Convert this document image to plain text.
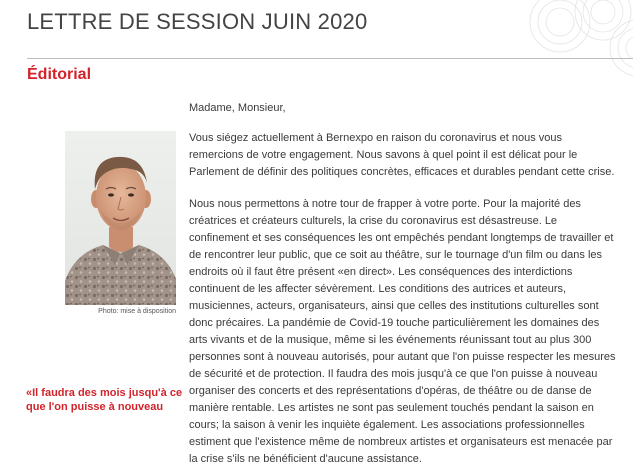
LETTRE DE SESSION JUIN 2020
Éditorial
Photo: mise à disposition

«Il faudra des mois jusqu'à ce que l'on puisse à nouveau

Madame, Monsieur,

Vous siégez actuellement à Bernexpo en raison du coronavirus et nous vous remercions de votre engagement. Nous savons à quel point il est délicat pour le Parlement de définir des politiques concrètes, efficaces et durables pendant cette crise.

Nous nous permettons à notre tour de frapper à votre porte. Pour la majorité des créatrices et créateurs culturels, la crise du coronavirus est désastreuse. Le confinement et ses conséquences les ont empêchés pendant longtemps de travailler et de rencontrer leur public, que ce soit au théâtre, sur le tournage d'un film ou dans les endroits où il faut être présent «en direct». Les conséquences des interdictions continuent de les affecter sévèrement. Les conditions des autrices et auteurs, musiciennes, acteurs, organisateurs, ainsi que celles des institutions culturelles sont donc précaires. La pandémie de Covid-19 touche particulièrement les domaines des arts vivants et de la musique, même si les événements réunissant tout au plus 300 personnes sont à nouveau autorisés, pour autant que l'on puisse respecter les mesures de sécurité et de protection. Il faudra des mois jusqu'à ce que l'on puisse à nouveau organiser des concerts et des représentations d'opéras, de théâtre ou de danse de manière rentable. Les artistes ne sont pas seulement touchés pendant la saison en cours; la saison à venir les inquiète également. Les associations professionnelles estiment que l'existence même de nombreux artistes et organisateurs est menacée par la crise s'ils ne bénéficient d'aucune assistance.
